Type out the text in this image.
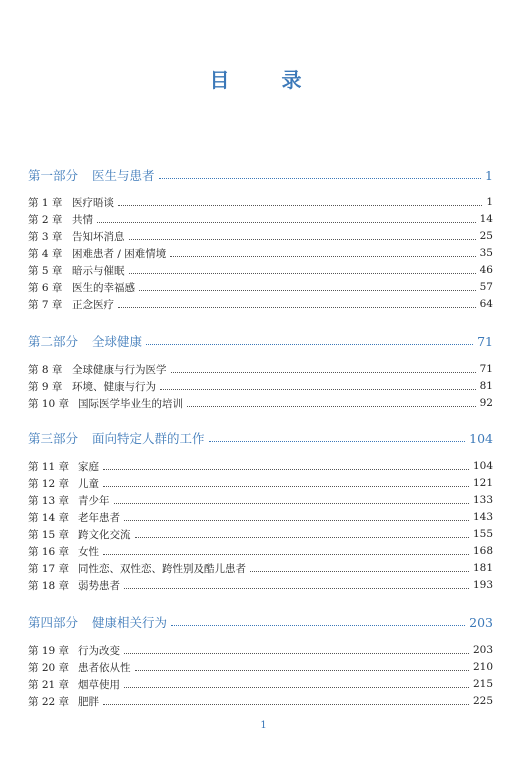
目　录
第一部分 医生与患者	1
第 1 章 医疗晤谈	1
第 2 章 共情	14
第 3 章 告知坏消息	25
第 4 章 困难患者 / 困难情境	35
第 5 章 暗示与催眠	46
第 6 章 医生的幸福感	57
第 7 章 正念医疗	64
第二部分 全球健康	71
第 8 章 全球健康与行为医学	71
第 9 章 环境、健康与行为	81
第 10 章 国际医学毕业生的培训	92
第三部分 面向特定人群的工作	104
第 11 章 家庭	104
第 12 章 儿童	121
第 13 章 青少年	133
第 14 章 老年患者	143
第 15 章 跨文化交流	155
第 16 章 女性	168
第 17 章 同性恋、双性恋、跨性别及酷儿患者	181
第 18 章 弱势患者	193
第四部分 健康相关行为	203
第 19 章 行为改变	203
第 20 章 患者依从性	210
第 21 章 烟草使用	215
第 22 章 肥胖	225
1
